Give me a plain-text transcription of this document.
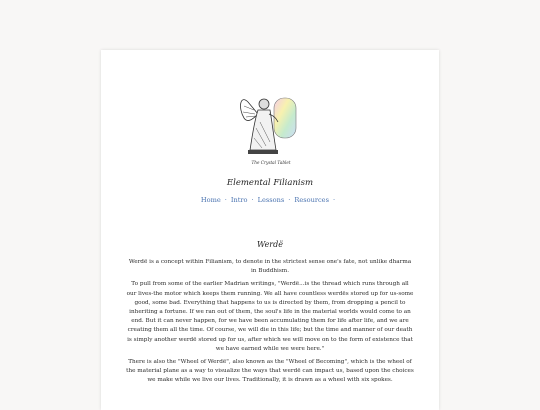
The Crystal Tablet
Elemental Filianism
Home · Intro · Lessons · Resources ·
Werdë

Werdë is a concept within Filianism, to denote in the strictest sense one's fate, not unlike dharma in Buddhism.

To pull from some of the earlier Madrian writings, "Werdë...is the thread which runs through all our lives-the motor which keeps them running. We all have countless werdës stored up for us-some good, some bad. Everything that happens to us is directed by them, from dropping a pencil to inheriting a fortune. If we ran out of them, the soul's life in the material worlds would come to an end. But it can never happen, for we have been accumulating them for life after life, and we are creating them all the time. Of course, we will die in this life; but the time and manner of our death is simply another werdë stored up for us, after which we will move on to the form of existence that we have earned while we were here."

There is also the "Wheel of Werdë", also known as the "Wheel of Becoming", which is the wheel of the material plane as a way to visualize the ways that werdë can impact us, based upon the choices we make while we live our lives. Traditionally, it is drawn as a wheel with six spokes.
